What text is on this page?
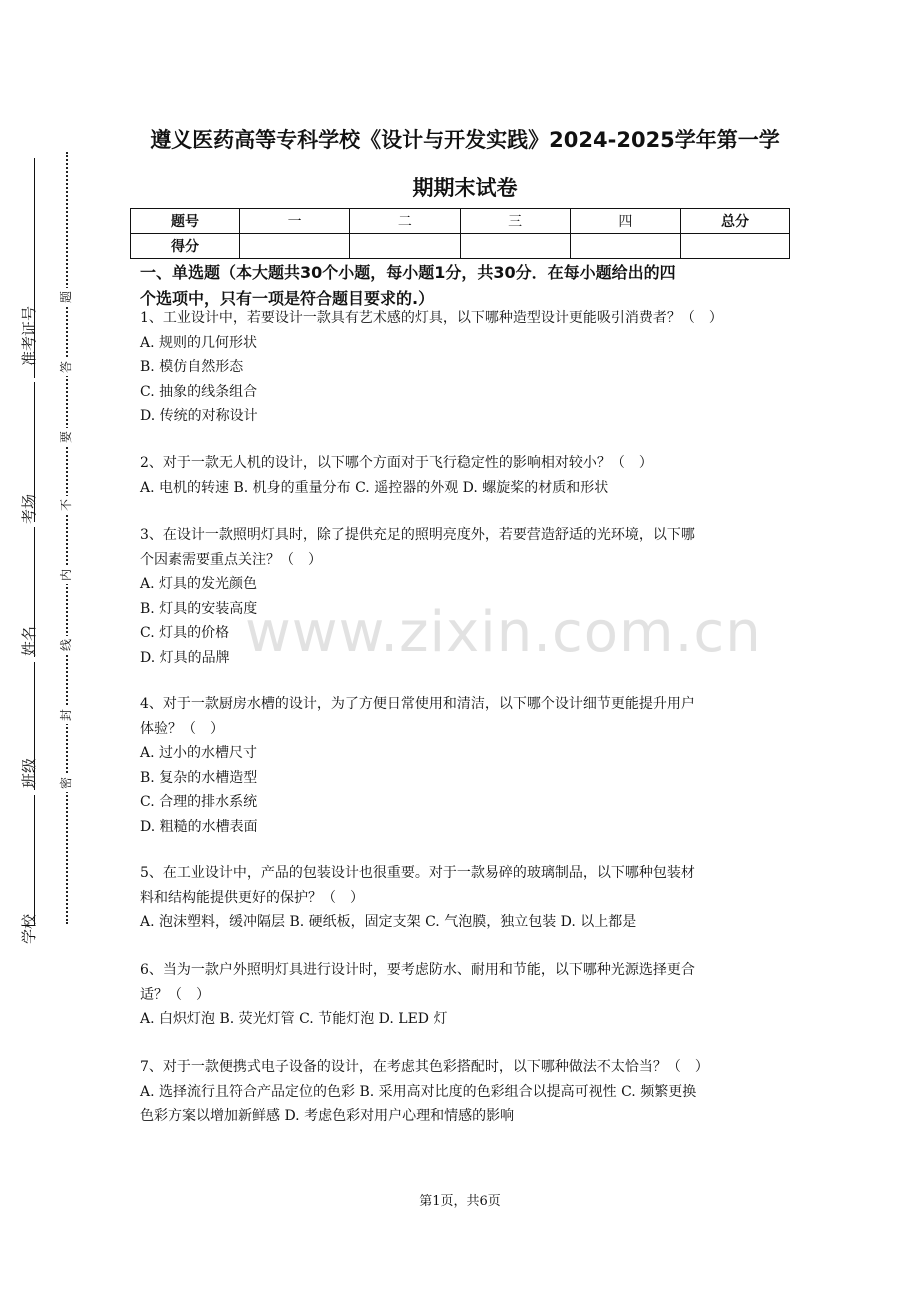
准考证号
考场
姓名
班级
学校
题
答
要
不
内
线
封
密
遵义医药高等专科学校《设计与开发实践》2024-2025学年第一学
期期末试卷
题号	一	二	三	四	总分
得分					
一、单选题（本大题共30个小题，每小题1分，共30分．在每小题给出的四
个选项中，只有一项是符合题目要求的.）

1、工业设计中，若要设计一款具有艺术感的灯具，以下哪种造型设计更能吸引消费者？（　）

A. 规则的几何形状

B. 模仿自然形态

C. 抽象的线条组合

D. 传统的对称设计

2、对于一款无人机的设计，以下哪个方面对于飞行稳定性的影响相对较小？（　）

A. 电机的转速 B. 机身的重量分布 C. 遥控器的外观 D. 螺旋桨的材质和形状

3、在设计一款照明灯具时，除了提供充足的照明亮度外，若要营造舒适的光环境，以下哪

个因素需要重点关注？（　）

A. 灯具的发光颜色

B. 灯具的安装高度

C. 灯具的价格

D. 灯具的品牌

4、对于一款厨房水槽的设计，为了方便日常使用和清洁，以下哪个设计细节更能提升用户

体验？（　）

A. 过小的水槽尺寸

B. 复杂的水槽造型

C. 合理的排水系统

D. 粗糙的水槽表面

5、在工业设计中，产品的包装设计也很重要。对于一款易碎的玻璃制品，以下哪种包装材

料和结构能提供更好的保护？（　）

A. 泡沫塑料，缓冲隔层 B. 硬纸板，固定支架 C. 气泡膜，独立包装 D. 以上都是

6、当为一款户外照明灯具进行设计时，要考虑防水、耐用和节能，以下哪种光源选择更合

适？（　）

A. 白炽灯泡 B. 荧光灯管 C. 节能灯泡 D. LED 灯

7、对于一款便携式电子设备的设计，在考虑其色彩搭配时，以下哪种做法不太恰当？（　）

A. 选择流行且符合产品定位的色彩 B. 采用高对比度的色彩组合以提高可视性 C. 频繁更换

色彩方案以增加新鲜感 D. 考虑色彩对用户心理和情感的影响

www.zixin.com.cn
第1页，共6页
